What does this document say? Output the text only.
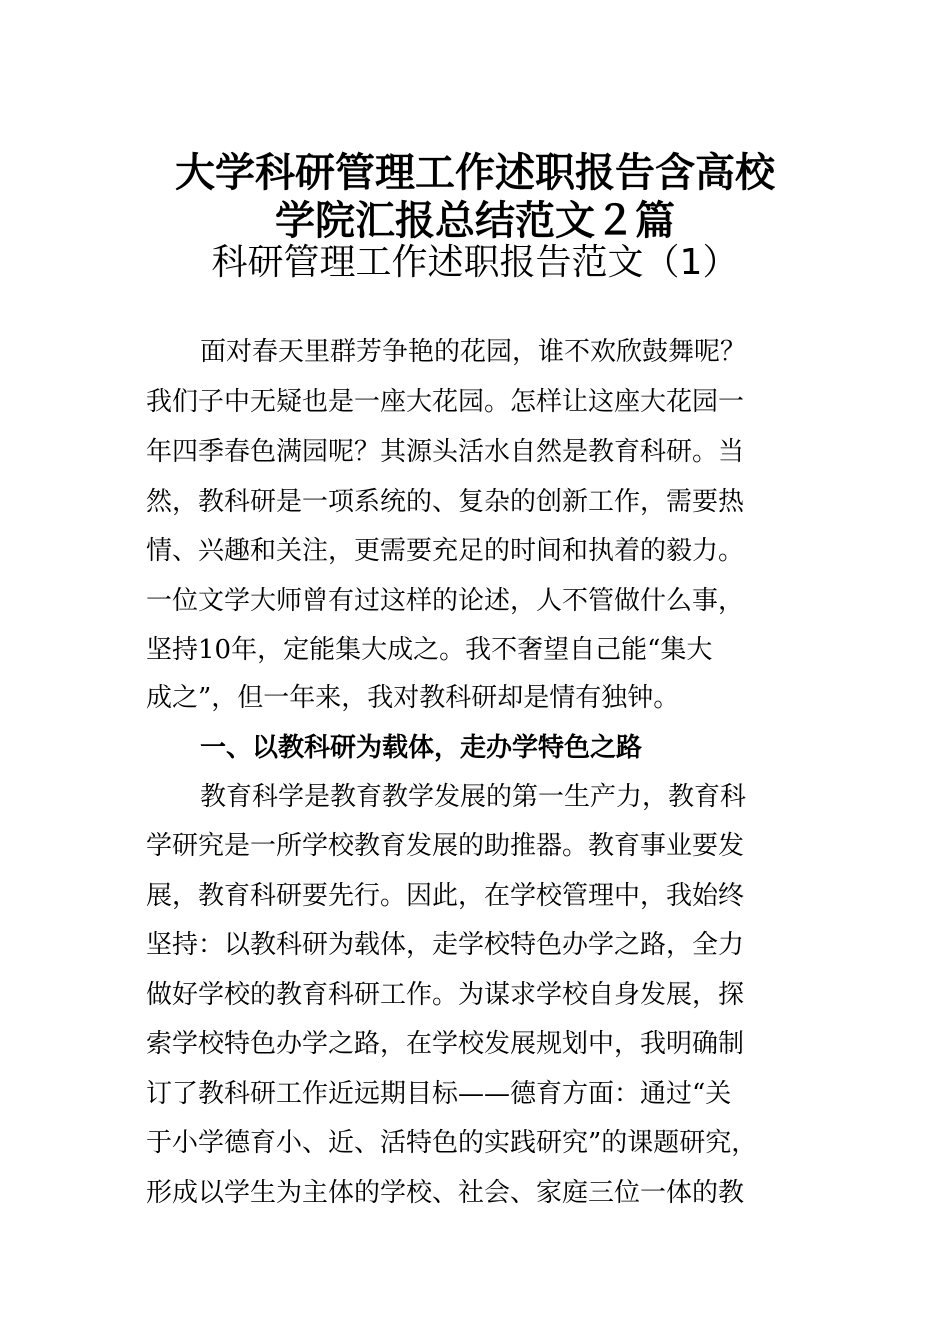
大学科研管理工作述职报告含高校
学院汇报总结范文２篇
科研管理工作述职报告范文（1）

面对春天里群芳争艳的花园，谁不欢欣鼓舞呢？

我们子中无疑也是一座大花园。怎样让这座大花园一

年四季春色满园呢？其源头活水自然是教育科研。当

然，教科研是一项系统的、复杂的创新工作，需要热

情、兴趣和关注，更需要充足的时间和执着的毅力。

一位文学大师曾有过这样的论述，人不管做什么事，

坚持10年，定能集大成之。我不奢望自己能“集大

成之”，但一年来，我对教科研却是情有独钟。

一、以教科研为载体，走办学特色之路

教育科学是教育教学发展的第一生产力，教育科

学研究是一所学校教育发展的助推器。教育事业要发

展，教育科研要先行。因此，在学校管理中，我始终

坚持：以教科研为载体，走学校特色办学之路，全力

做好学校的教育科研工作。为谋求学校自身发展，探

索学校特色办学之路，在学校发展规划中，我明确制

订了教科研工作近远期目标——德育方面：通过“关

于小学德育小、近、活特色的实践研究”的课题研究，

形成以学生为主体的学校、社会、家庭三位一体的教
